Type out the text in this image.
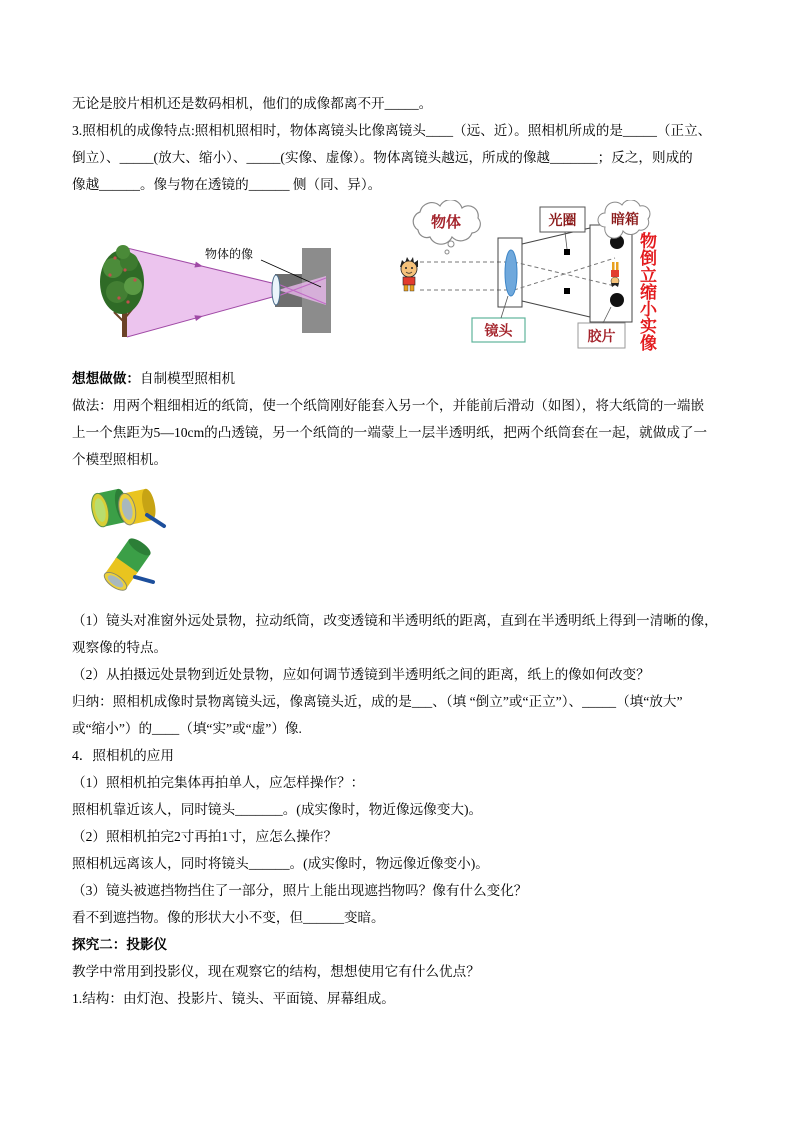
无论是胶片相机还是数码相机，他们的成像都离不开_____。
3.照相机的成像特点:照相机照相时，物体离镜头比像离镜头____（远、近）。照相机所成的是_____（正立、
倒立）、_____(放大、缩小）、_____(实像、虚像）。物体离镜头越远，所成的像越_______；反之，则成的
像越______。像与物在透镜的______ 侧（同、异）。
物体的像
物体	光圈 暗箱
镜头	胶片 物倒立缩小实像
想想做做：自制模型照相机
做法：用两个粗细相近的纸筒，使一个纸筒刚好能套入另一个，并能前后滑动（如图），将大纸筒的一端嵌
上一个焦距为5—10cm的凸透镜，另一个纸筒的一端蒙上一层半透明纸，把两个纸筒套在一起，就做成了一
个模型照相机。
（1）镜头对准窗外远处景物，拉动纸筒，改变透镜和半透明纸的距离，直到在半透明纸上得到一清晰的像，
观察像的特点。
（2）从拍摄远处景物到近处景物，应如何调节透镜到半透明纸之间的距离，纸上的像如何改变？
归纳：照相机成像时景物离镜头远，像离镜头近，成的是___、（填 “倒立”或“正立”）、_____（填“放大”
或“缩小”）的____（填“实”或“虚”）像.
4．照相机的应用
（1）照相机拍完集体再拍单人，应怎样操作？：
照相机靠近该人，同时镜头_______。(成实像时，物近像远像变大)。
（2）照相机拍完2寸再拍1寸，应怎么操作？
照相机远离该人，同时将镜头______。(成实像时，物远像近像变小)。
（3）镜头被遮挡物挡住了一部分，照片上能出现遮挡物吗？像有什么变化？
看不到遮挡物。像的形状大小不变，但______变暗。
探究二：投影仪
教学中常用到投影仪，现在观察它的结构，想想使用它有什么优点？
1.结构：由灯泡、投影片、镜头、平面镜、屏幕组成。
